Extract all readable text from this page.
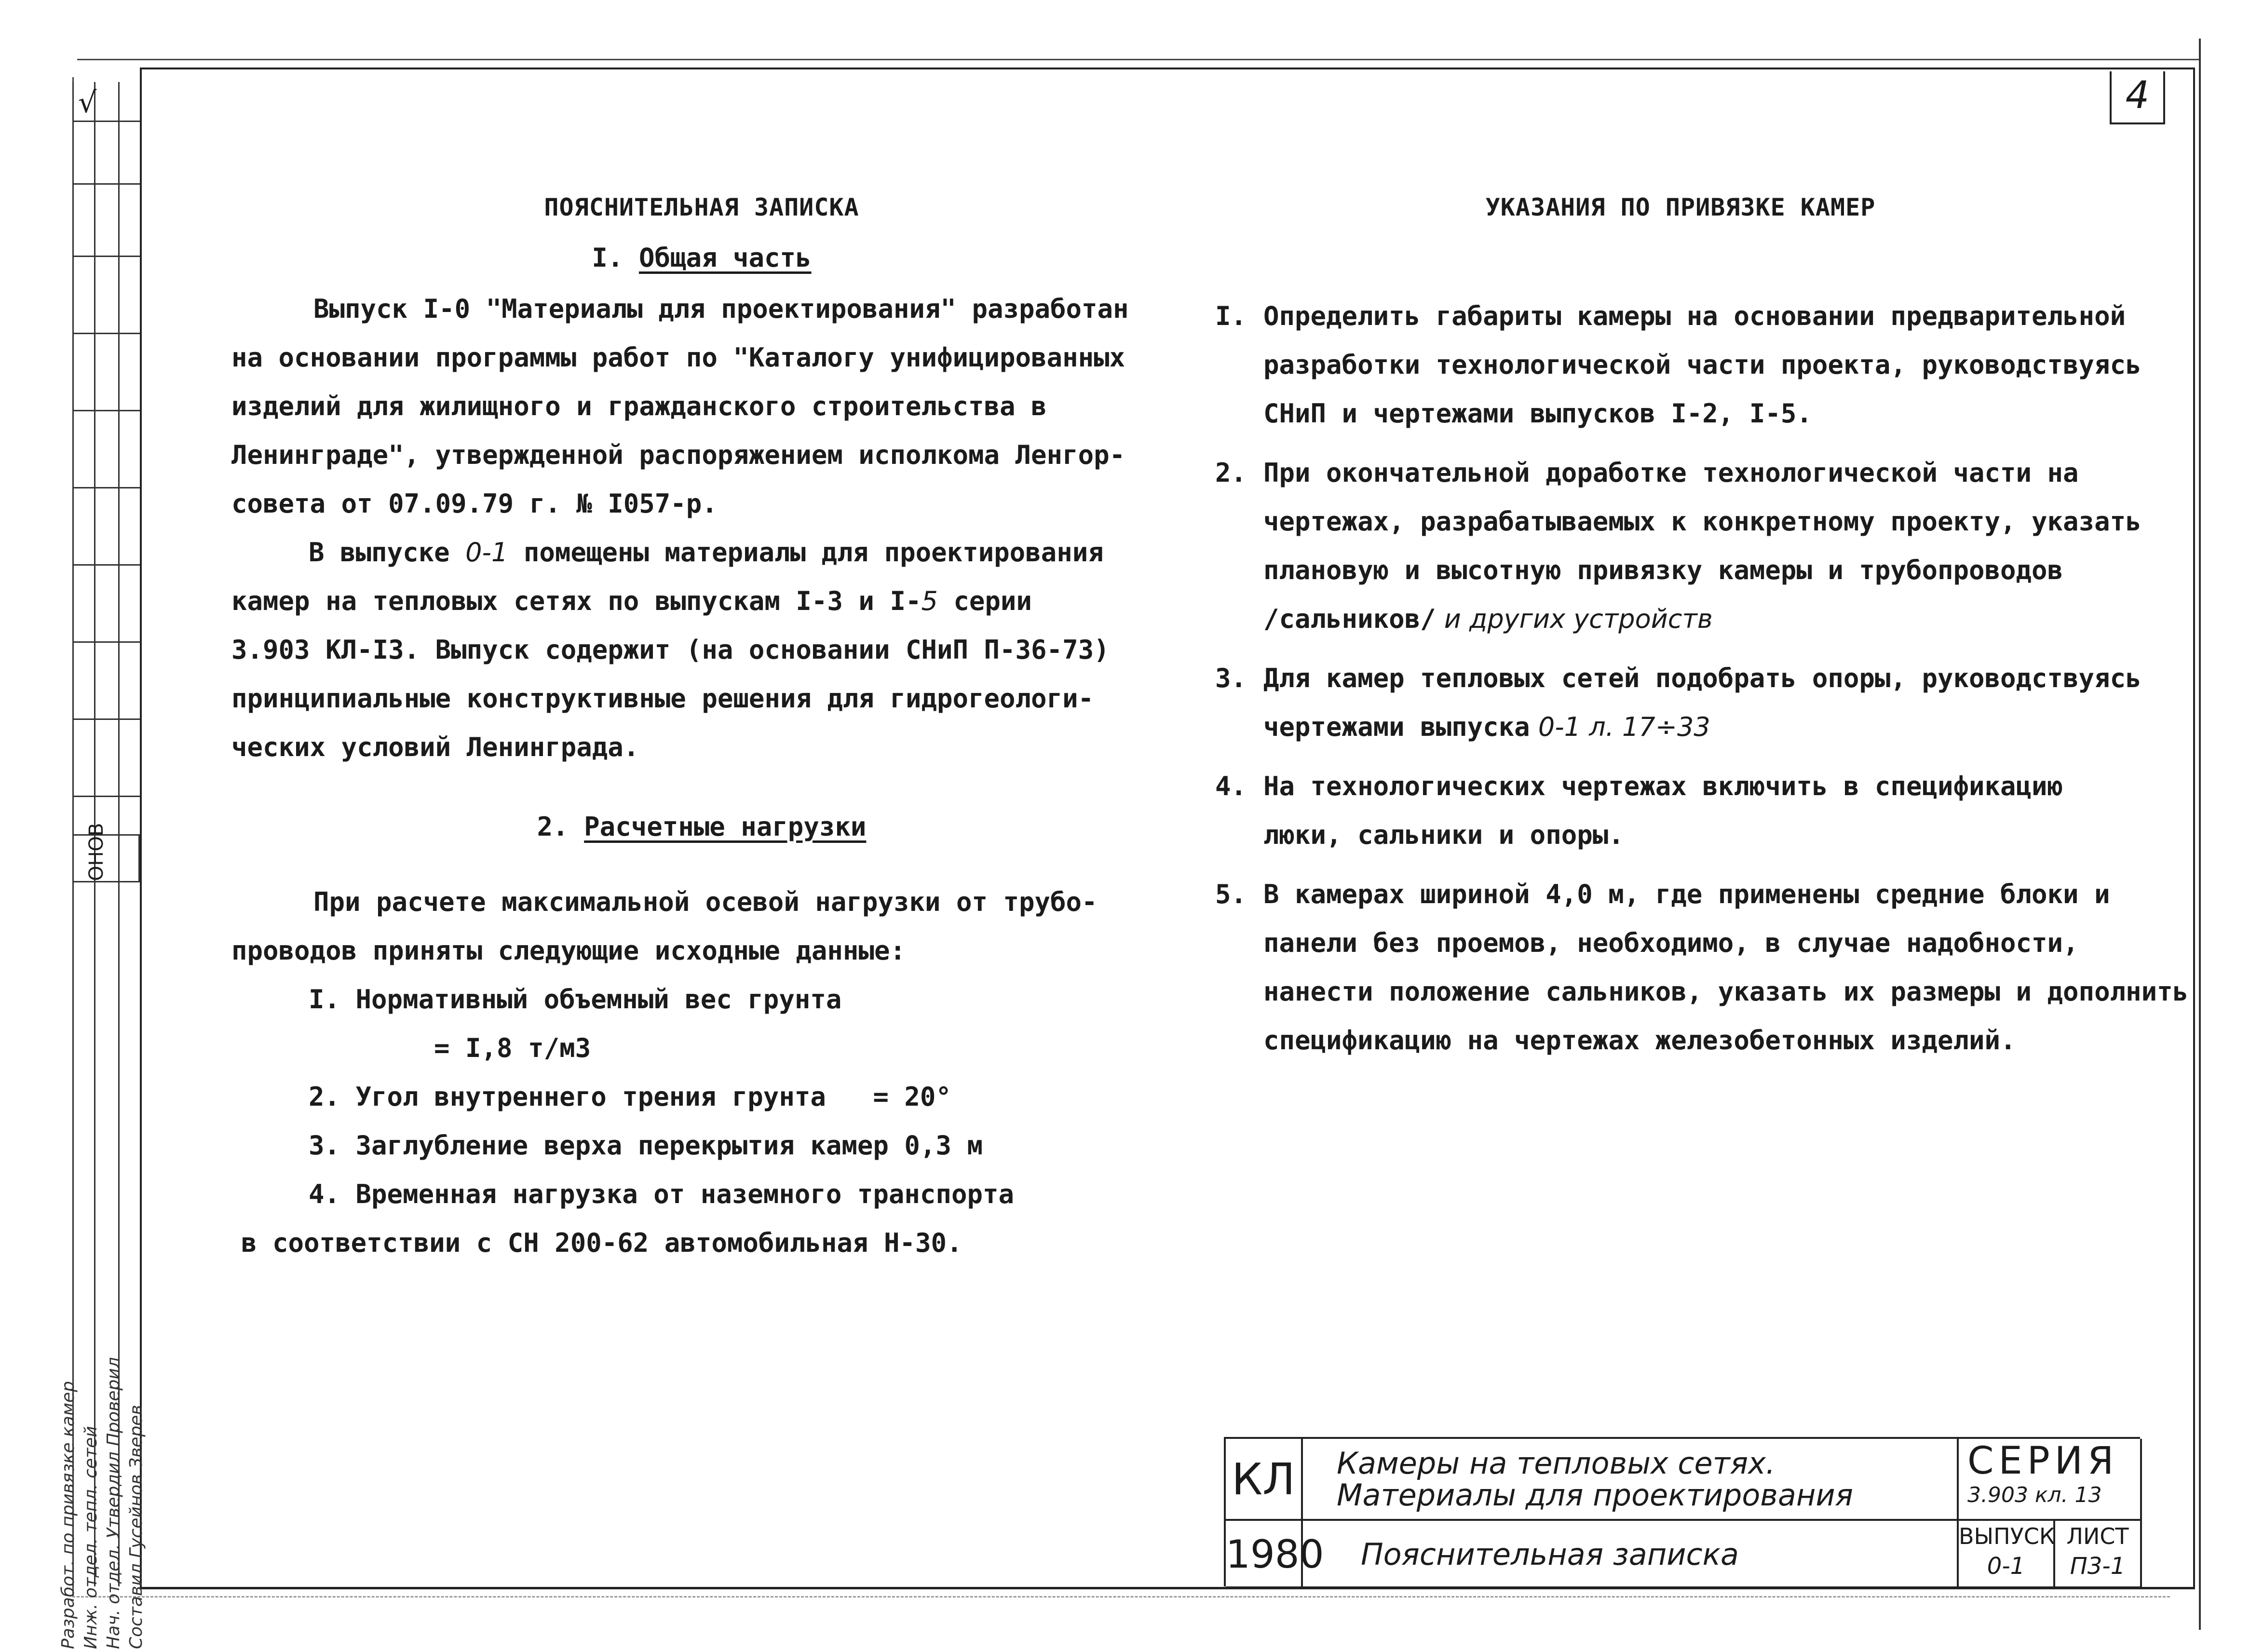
4
√
ОНОВ
Разработ. по привязке камер Инж. отдел. тепл. сетей Нач. отдел. Утвердил Проверил Составил Гусейнов Зверев
ПОЯСНИТЕЛЬНАЯ ЗАПИСКА
I. Общая часть
Выпуск I-0 "Материалы для проектирования" разработан
на основании программы работ по "Каталогу унифицированных
изделий для жилищного и гражданского строительства в
Ленинграде", утвержденной распоряжением исполкома Ленгор-
совета от 07.09.79 г. № I057-р.
В выпуске 0-1 помещены материалы для проектирования
камер на тепловых сетях по выпускам I-3 и I-5 серии
3.903 КЛ-I3. Выпуск содержит (на основании СНиП П-36-73)
принципиальные конструктивные решения для гидрогеологи-
ческих условий Ленинграда.
2. Расчетные нагрузки
При расчете максимальной осевой нагрузки от трубо-
проводов приняты следующие исходные данные:
I. Нормативный объемный вес грунта
= I,8 т/м3
2. Угол внутреннего трения грунта   = 20°
3. Заглубление верха перекрытия камер 0,3 м
4. Временная нагрузка от наземного транспорта
в соответствии с СН 200-62 автомобильная Н-30.
УКАЗАНИЯ ПО ПРИВЯЗКЕ КАМЕР
I. Определить габариты камеры на основании предварительной
разработки технологической части проекта, руководствуясь
СНиП и чертежами выпусков I-2, I-5.
2. При окончательной доработке технологической части на
чертежах, разрабатываемых к конкретному проекту, указать
плановую и высотную привязку камеры и трубопроводов
/сальников/ и других устройств
3. Для камер тепловых сетей подобрать опоры, руководствуясь
чертежами выпуска 0-1 л. 17÷33
4. На технологических чертежах включить в спецификацию
люки, сальники и опоры.
5. В камерах шириной 4,0 м, где применены средние блоки и
панели без проемов, необходимо, в случае надобности,
нанести положение сальников, указать их размеры и дополнить
спецификацию на чертежах железобетонных изделий.
КЛ
1980
Камеры на тепловых сетях.
Материалы для проектирования
Пояснительная записка
СЕРИЯ
3.903 кл. 13
ВЫПУСК
0-1
ЛИСТ
П3-1
